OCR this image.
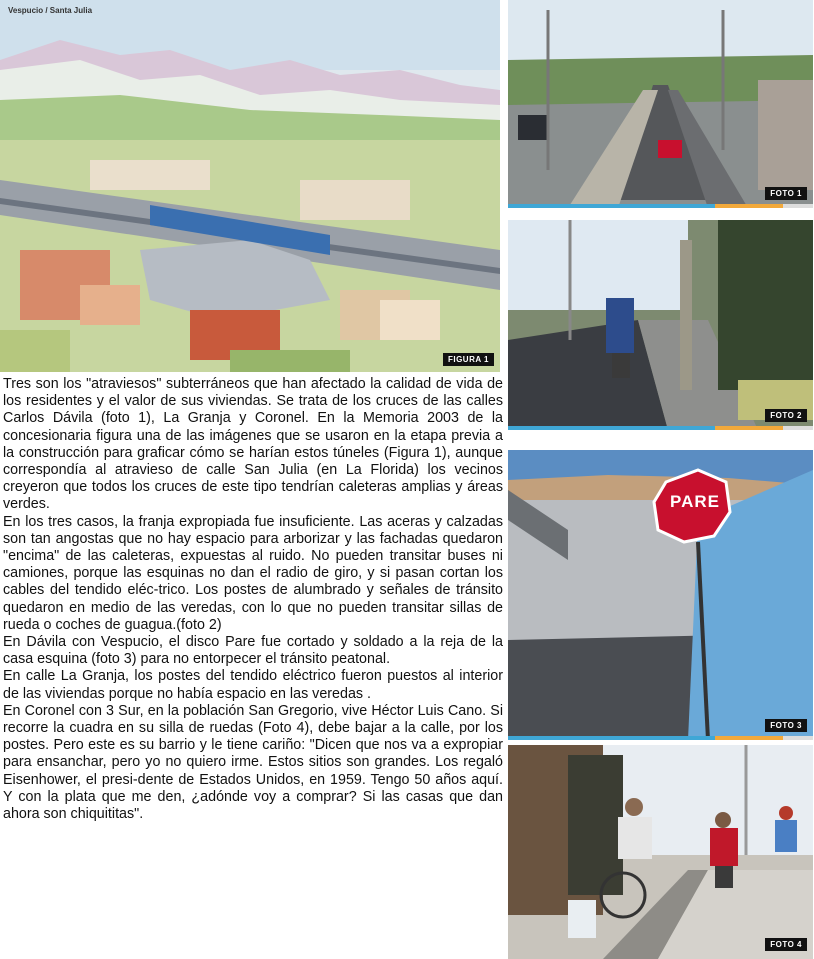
Vespucio / Santa Julia
FIGURA 1
FOTO 1
FOTO 2
PARE
FOTO 3
FOTO 4

Tres son los "atraviesos" subterráneos que han afectado la calidad de vida de los residentes y el valor de sus viviendas. Se trata de los cruces de las calles Carlos Dávila (foto 1), La Granja y Coronel. En la Memoria 2003 de la concesionaria figura una de las imágenes que se usaron en la etapa previa a la construcción para graficar cómo se harían estos túneles (Figura 1), aunque correspondía al atravieso de calle San Julia (en La Florida) los vecinos creyeron que todos los cruces de este tipo tendrían caleteras amplias y áreas verdes.

En los tres casos, la franja expropiada fue insuficiente. Las aceras y calzadas son tan angostas que no hay espacio para arborizar y las fachadas quedaron "encima" de las caleteras, expuestas al ruido. No pueden transitar buses ni camiones, porque las esquinas no dan el radio de giro, y si pasan cortan los cables del tendido eléc-trico. Los postes de alumbrado y señales de tránsito quedaron en medio de las veredas, con lo que no pueden transitar sillas de rueda o coches de guagua.(foto 2)

En Dávila con Vespucio, el disco Pare fue cortado y soldado a la reja de la casa esquina (foto 3) para no entorpecer el tránsito peatonal.

En calle La Granja, los postes del tendido eléctrico fueron puestos al interior de las viviendas porque no había espacio en las veredas .

En Coronel con 3 Sur, en la población San Gregorio, vive Héctor Luis Cano. Si recorre la cuadra en su silla de ruedas (Foto 4), debe bajar a la calle, por los postes. Pero este es su barrio y le tiene cariño: "Dicen que nos va a expropiar para ensanchar, pero yo no quiero irme. Estos sitios son grandes. Los regaló Eisenhower, el presi-dente de Estados Unidos, en 1959. Tengo 50 años aquí. Y con la plata que me den, ¿adónde voy a comprar? Si las casas que dan ahora son chiquititas".
